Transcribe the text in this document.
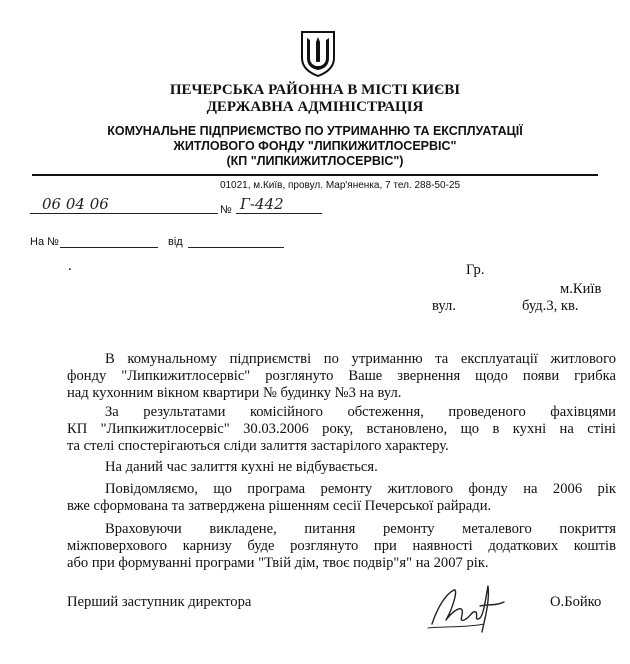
ПЕЧЕРСЬКА РАЙОННА В МІСТІ КИЄВІ
ДЕРЖАВНА АДМІНІСТРАЦІЯ
КОМУНАЛЬНЕ ПІДПРИЄМСТВО ПО УТРИМАННЮ ТА ЕКСПЛУАТАЦІЇ
ЖИТЛОВОГО ФОНДУ "ЛИПКИЖИТЛОСЕРВІС"
(КП "ЛИПКИЖИТЛОСЕРВІС")
01021, м.Київ, провул. Мар'яненка, 7 тел. 288-50-25
06 04 06	№ Г-442
На №	від
.	Гр.
м.Київ
вул.	буд.3, кв.
В комунальному підприємстві по утриманню та експлуатації житлового
фонду "Липкижитлосервіс" розглянуто Ваше звернення щодо появи грибка
над кухонним вікном квартири № будинку №3 на вул.
За результатами комісійного обстеження, проведеного фахівцями
КП "Липкижитлосервіс" 30.03.2006 року, встановлено, що в кухні на стіні
та стелі спостерігаються сліди залиття застарілого характеру.
На даний час залиття кухні не відбувається.
Повідомляємо, що програма ремонту житлового фонду на 2006 рік
вже сформована та затверджена рішенням сесії Печерської райради.
Враховуючи викладене, питання ремонту металевого покриття
міжповерхового карнизу буде розглянуто при наявності додаткових коштів
або при формуванні програми "Твій дім, твоє подвір"я" на 2007 рік.
Перший заступник директора	О.Бойко
